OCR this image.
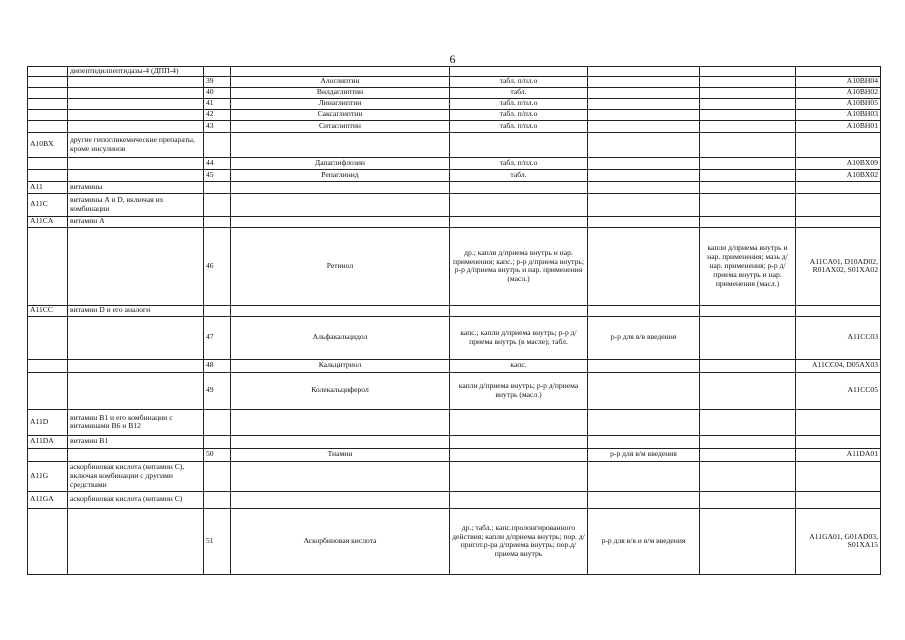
6
	дипептидилпептидазы-4 (ДПП-4)						
		39	Алоглиптин	табл. п/пл.о			A10BH04
		40	Вилдаглиптин	табл.			A10BH02
		41	Линаглиптин	табл. п/пл.о			A10BH05
		42	Саксаглиптин	табл. п/пл.о			A10BH03
		43	Ситаглиптин	табл. п/пл.о			A10BH01
A10BX	другие гипогликемические препараты, кроме инсулинов						
		44	Дапаглифлозин	табл. п/пл.о			A10BX09
		45	Репаглинид	табл.			A10BX02
A11	витамины						
A11C	витамины A и D, включая их комбинации						
A11CA	витамин A						
		46	Ретинол	др.; капли д/приема внутрь и нар. применения; капс.; р-р д/приема внутрь; р-р д/приема внутрь и нар. применения (масл.)		капли д/приема внутрь и нар. применения; мазь д/нар. применения; р-р д/приема внутрь и нар. применения (масл.)	A11CA01, D10AD02, R01AX02, S01XA02
A11CC	витамин D и его аналоги						
		47	Альфакальцидол	капс.; капли д/приема внутрь; р-р д/приема внутрь (в масле); табл.	р-р для в/в введения		A11CC03
		48	Кальцитриол	капс.			A11CC04, D05AX03
		49	Колекальциферол	капли д/приема внутрь; р-р д/приема внутрь (масл.)			A11CC05
A11D	витамин B1 и его комбинации с витаминами B6 и B12						
A11DA	витамин B1						
		50	Тиамин		р-р для в/м введения		A11DA01
A11G	аскорбиновая кислота (витамин C), включая комбинации с другими средствами						
A11GA	аскорбиновая кислота (витамин C)						
		51	Аскорбиновая кислота	др.; табл.; капс.пролонгированного действия; капли д/приема внутрь; пор. д/пригот.р-ра д/приема внутрь; пор.д/приема внутрь	р-р для в/в и в/м введения		A11GA01, G01AD03, S01XA15
